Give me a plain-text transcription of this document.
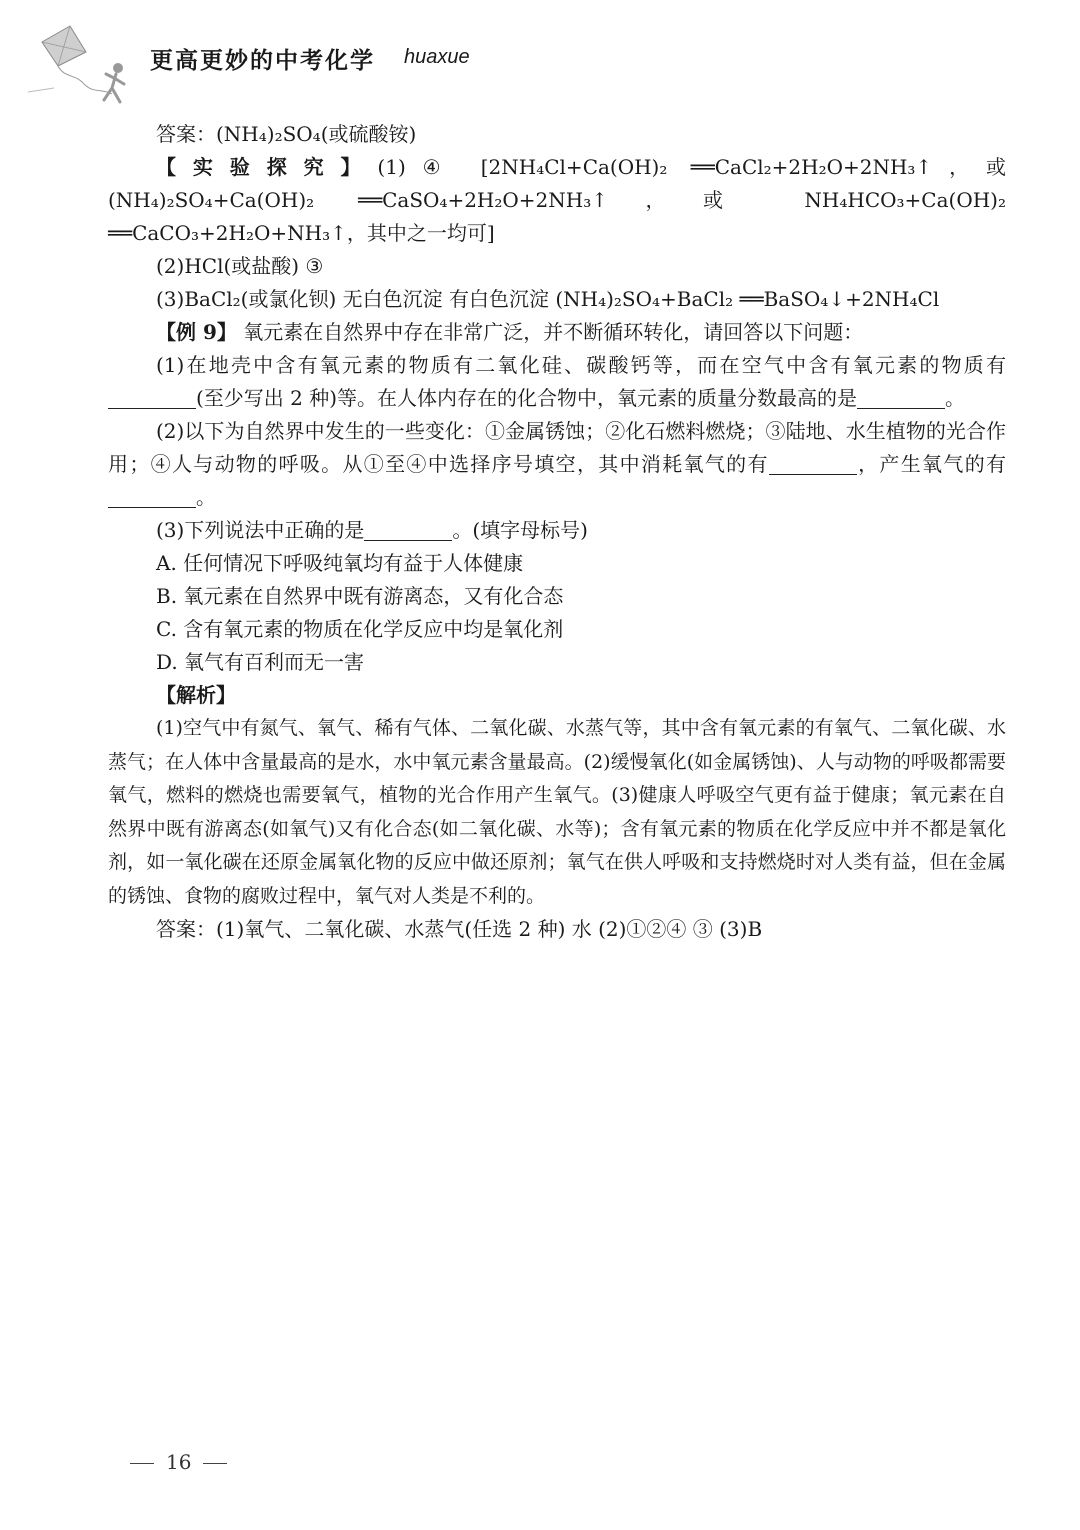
更高更妙的中考化学 huaxue

答案：(NH₄)₂SO₄(或硫酸铵)

【实验探究】(1)④ [2NH₄Cl+Ca(OH)₂ ══CaCl₂+2H₂O+2NH₃↑，或(NH₄)₂SO₄+Ca(OH)₂ ══CaSO₄+2H₂O+2NH₃↑，或 NH₄HCO₃+Ca(OH)₂ ══CaCO₃+2H₂O+NH₃↑，其中之一均可]

(2)HCl(或盐酸) ③

(3)BaCl₂(或氯化钡) 无白色沉淀 有白色沉淀 (NH₄)₂SO₄+BaCl₂ ══BaSO₄↓+2NH₄Cl

【例 9】 氧元素在自然界中存在非常广泛，并不断循环转化，请回答以下问题：

(1)在地壳中含有氧元素的物质有二氧化硅、碳酸钙等，而在空气中含有氧元素的物质有(至少写出 2 种)等。在人体内存在的化合物中，氧元素的质量分数最高的是	。

(2)以下为自然界中发生的一些变化：①金属锈蚀；②化石燃料燃烧；③陆地、水生植物的光合作用；④人与动物的呼吸。从①至④中选择序号填空，其中消耗氧气的有	，产生氧气的有。

(3)下列说法中正确的是	。(填字母标号)

A. 任何情况下呼吸纯氧均有益于人体健康

B. 氧元素在自然界中既有游离态，又有化合态

C. 含有氧元素的物质在化学反应中均是氧化剂

D. 氧气有百利而无一害

【解析】

(1)空气中有氮气、氧气、稀有气体、二氧化碳、水蒸气等，其中含有氧元素的有氧气、二氧化碳、水蒸气；在人体中含量最高的是水，水中氧元素含量最高。(2)缓慢氧化(如金属锈蚀)、人与动物的呼吸都需要氧气，燃料的燃烧也需要氧气，植物的光合作用产生氧气。(3)健康人呼吸空气更有益于健康；氧元素在自然界中既有游离态(如氧气)又有化合态(如二氧化碳、水等)；含有氧元素的物质在化学反应中并不都是氧化剂，如一氧化碳在还原金属氧化物的反应中做还原剂；氧气在供人呼吸和支持燃烧时对人类有益，但在金属的锈蚀、食物的腐败过程中，氧气对人类是不利的。

答案：(1)氧气、二氧化碳、水蒸气(任选 2 种) 水 (2)①②④ ③ (3)B

16
